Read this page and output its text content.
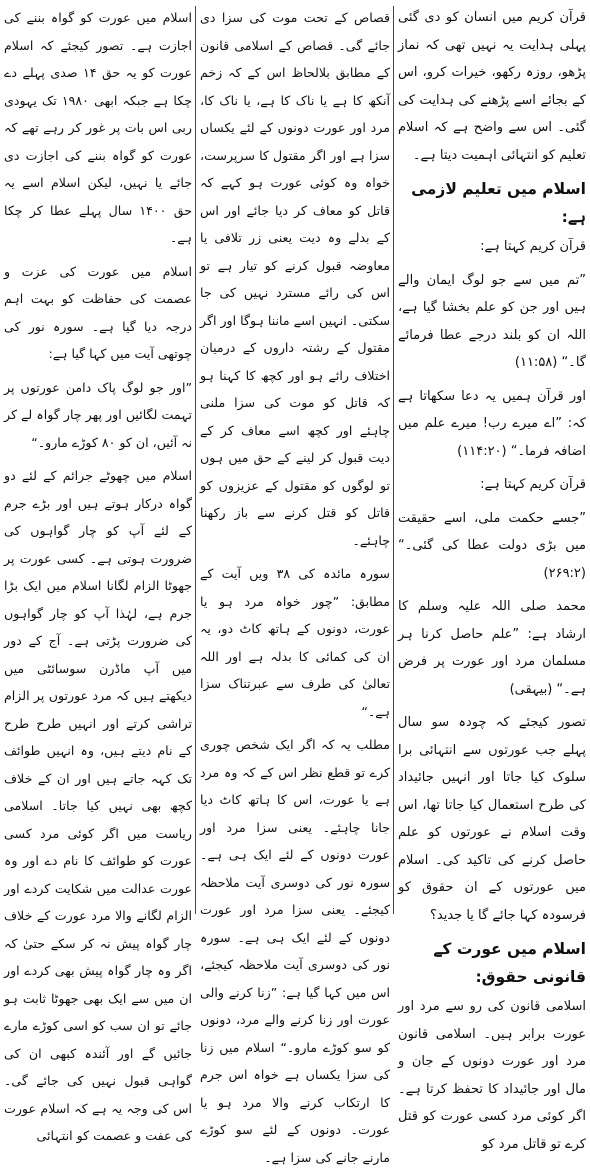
قرآن کریم میں انسان کو دی گئی پہلی ہدایت یہ نہیں تھی کہ نماز پڑھو، روزہ رکھو، خیرات کرو، اس کے بجائے اسے پڑھنے کی ہدایت کی گئی۔ اس سے واضح ہے کہ اسلام تعلیم کو انتہائی اہمیت دیتا ہے۔

اسلام میں تعلیم لازمی ہے:

قرآن کریم کہتا ہے:

”تم میں سے جو لوگ ایمان والے ہیں اور جن کو علم بخشا گیا ہے، اللہ ان کو بلند درجے عطا فرمائے گا۔“ (۱۱:۵۸)

اور قرآن ہمیں یہ دعا سکھاتا ہے کہ: ”اے میرے رب! میرے علم میں اضافہ فرما۔“ (۱۱۴:۲۰)

قرآن کریم کہتا ہے:

”جسے حکمت ملی، اسے حقیقت میں بڑی دولت عطا کی گئی۔“ (۲۶۹:۲)

محمد صلی اللہ علیہ وسلم کا ارشاد ہے: ”علم حاصل کرنا ہر مسلمان مرد اور عورت پر فرض ہے۔“ (بیہقی)

تصور کیجئے کہ چودہ سو سال پہلے جب عورتوں سے انتہائی برا سلوک کیا جاتا اور انہیں جائیداد کی طرح استعمال کیا جاتا تھا، اس وقت اسلام نے عورتوں کو علم حاصل کرنے کی تاکید کی۔ اسلام میں عورتوں کے ان حقوق کو فرسودہ کہا جائے گا یا جدید؟

اسلام میں عورت کے قانونی حقوق:

اسلامی قانون کی رو سے مرد اور عورت برابر ہیں۔ اسلامی قانون مرد اور عورت دونوں کے جان و مال اور جائیداد کا تحفظ کرتا ہے۔ اگر کوئی مرد کسی عورت کو قتل کرے تو قاتل مرد کو

قصاص کے تحت موت کی سزا دی جائے گی۔ قصاص کے اسلامی قانون کے مطابق بلالحاظ اس کے کہ زخم آنکھ کا ہے یا ناک کا ہے، یا ناک کا، مرد اور عورت دونوں کے لئے یکساں سزا ہے اور اگر مقتول کا سرپرست، خواہ وہ کوئی عورت ہو کہے کہ قاتل کو معاف کر دیا جائے اور اس کے بدلے وہ دیت یعنی زر تلافی یا معاوضہ قبول کرنے کو تیار ہے تو اس کی رائے مسترد نہیں کی جا سکتی۔ انہیں اسے ماننا ہوگا اور اگر مقتول کے رشتہ داروں کے درمیان اختلاف رائے ہو اور کچھ کا کہنا ہو کہ قاتل کو موت کی سزا ملنی چاہئے اور کچھ اسے معاف کر کے دیت قبول کر لینے کے حق میں ہوں تو لوگوں کو مقتول کے عزیزوں کو قاتل کو قتل کرنے سے باز رکھنا چاہئے۔

سورہ مائدہ کی ۳۸ ویں آیت کے مطابق: ”چور خواہ مرد ہو یا عورت، دونوں کے ہاتھ کاٹ دو، یہ ان کی کمائی کا بدلہ ہے اور اللہ تعالیٰ کی طرف سے عبرتناک سزا ہے۔“

مطلب یہ کہ اگر ایک شخص چوری کرے تو قطع نظر اس کے کہ وہ مرد ہے یا عورت، اس کا ہاتھ کاٹ دیا جانا چاہئے۔ یعنی سزا مرد اور عورت دونوں کے لئے ایک ہی ہے۔ سورہ نور کی دوسری آیت ملاحظہ کیجئے۔ یعنی سزا مرد اور عورت دونوں کے لئے ایک ہی ہے۔ سورہ نور کی دوسری آیت ملاحظہ کیجئے، اس میں کہا گیا ہے: ”زنا کرنے والی عورت اور زنا کرنے والے مرد، دونوں کو سو کوڑے مارو۔“ اسلام میں زنا کی سزا یکساں ہے خواہ اس جرم کا ارتکاب کرنے والا مرد ہو یا عورت۔ دونوں کے لئے سو کوڑے مارنے جانے کی سزا ہے۔

اسلام میں عورت کو گواہ بننے کی اجازت ہے۔ تصور کیجئے کہ اسلام عورت کو یہ حق ۱۴ صدی پہلے دے چکا ہے جبکہ ابھی ۱۹۸۰ تک یہودی ربی اس بات پر غور کر رہے تھے کہ عورت کو گواہ بننے کی اجازت دی جائے یا نہیں، لیکن اسلام اسے یہ حق ۱۴۰۰ سال پہلے عطا کر چکا ہے۔

اسلام میں عورت کی عزت و عصمت کی حفاظت کو بہت اہم درجہ دیا گیا ہے۔ سورہ نور کی چوتھی آیت میں کہا گیا ہے:

”اور جو لوگ پاک دامن عورتوں پر تہمت لگائیں اور پھر چار گواہ لے کر نہ آئیں، ان کو ۸۰ کوڑے مارو۔“

اسلام میں چھوٹے جرائم کے لئے دو گواہ درکار ہوتے ہیں اور بڑے جرم کے لئے آپ کو چار گواہوں کی ضرورت ہوتی ہے۔ کسی عورت پر جھوٹا الزام لگانا اسلام میں ایک بڑا جرم ہے، لہٰذا آپ کو چار گواہوں کی ضرورت پڑتی ہے۔ آج کے دور میں آپ ماڈرن سوسائٹی میں دیکھتے ہیں کہ مرد عورتوں پر الزام تراشی کرتے اور انہیں طرح طرح کے نام دیتے ہیں، وہ انہیں طوائف تک کہہ جاتے ہیں اور ان کے خلاف کچھ بھی نہیں کیا جاتا۔ اسلامی ریاست میں اگر کوئی مرد کسی عورت کو طوائف کا نام دے اور وہ عورت عدالت میں شکایت کردے اور الزام لگانے والا مرد عورت کے خلاف چار گواہ پیش نہ کر سکے حتیٰ کہ اگر وہ چار گواہ پیش بھی کردے اور ان میں سے ایک بھی جھوٹا ثابت ہو جائے تو ان سب کو اسی کوڑے مارے جائیں گے اور آئندہ کبھی ان کی گواہی قبول نہیں کی جائے گی۔ اس کی وجہ یہ ہے کہ اسلام عورت کی عفت و عصمت کو انتہائی
